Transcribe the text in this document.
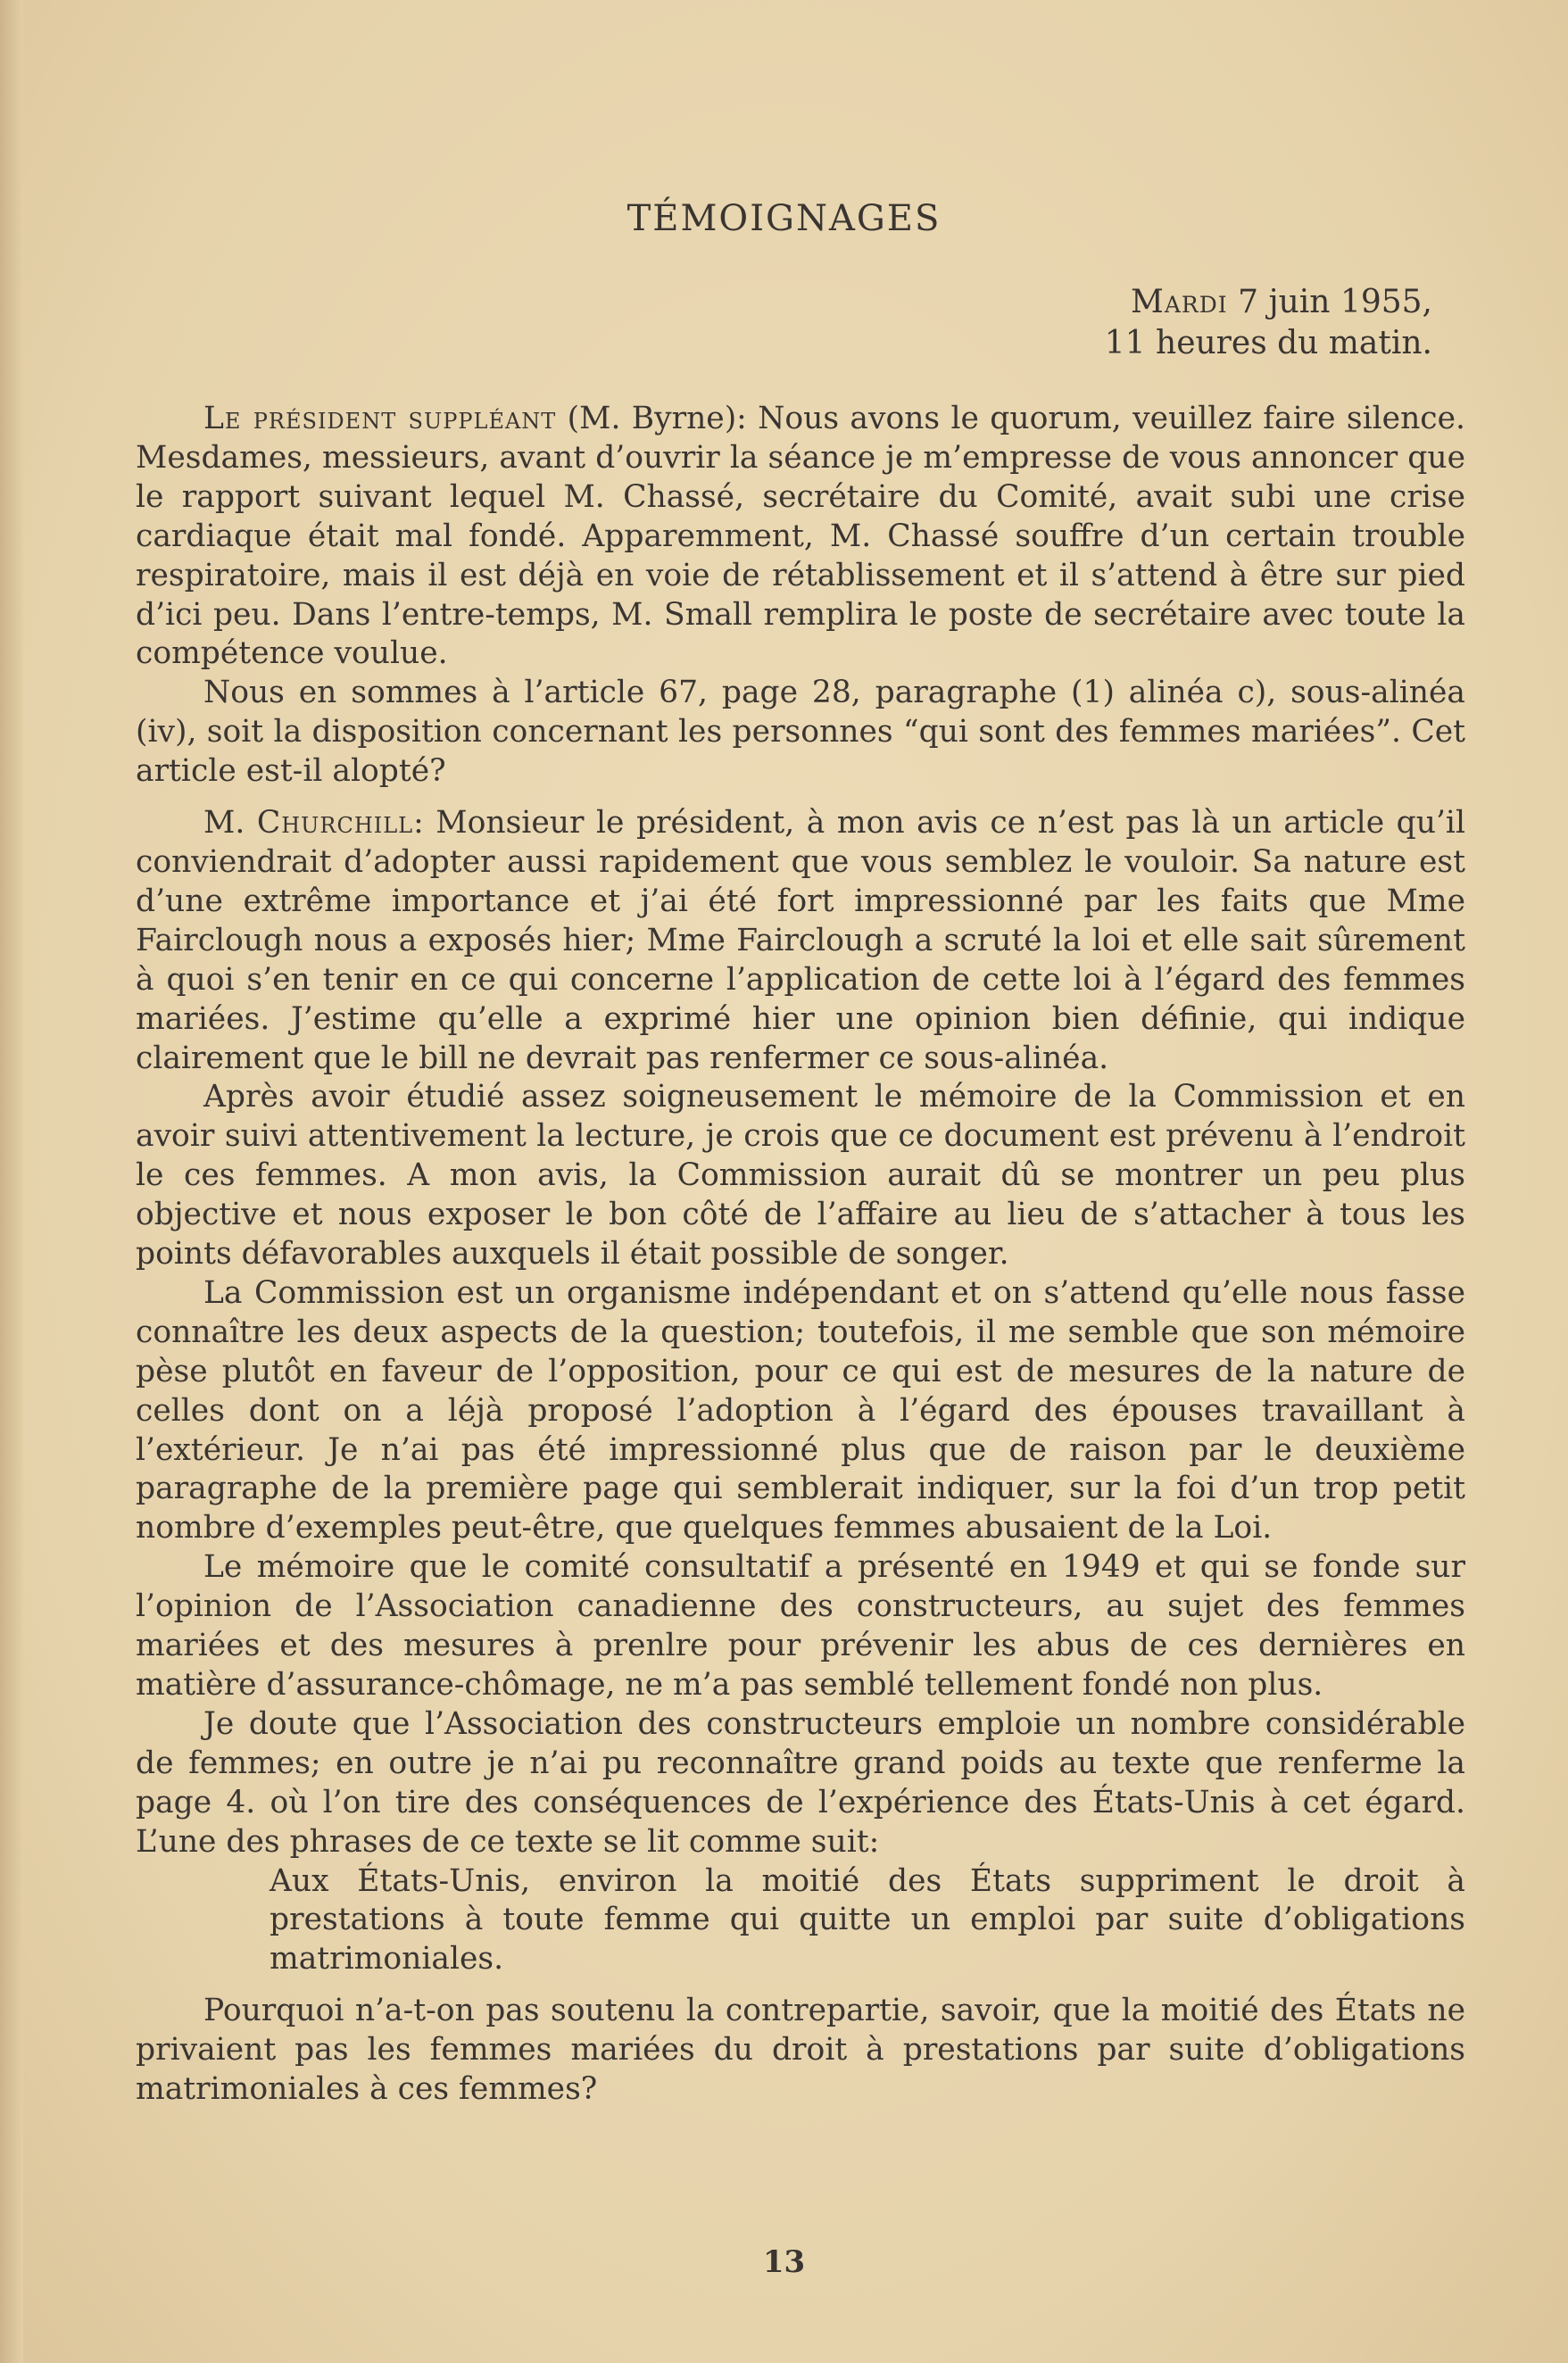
TÉMOIGNAGES
Mardi 7 juin 1955,
11 heures du matin.

Le président suppléant (M. Byrne): Nous avons le quorum, veuillez faire silence. Mesdames, messieurs, avant d’ouvrir la séance je m’empresse de vous annoncer que le rapport suivant lequel M. Chassé, secrétaire du Comité, avait subi une crise cardiaque était mal fondé. Apparemment, M. Chassé souffre d’un certain trouble respiratoire, mais il est déjà en voie de rétablissement et il s’attend à être sur pied d’ici peu. Dans l’entre-temps, M. Small remplira le poste de secrétaire avec toute la compétence voulue.

Nous en sommes à l’article 67, page 28, paragraphe (1) alinéa c), sous-alinéa (iv), soit la disposition concernant les personnes “qui sont des femmes mariées”. Cet article est-il alopté?

M. Churchill: Monsieur le président, à mon avis ce n’est pas là un article qu’il conviendrait d’adopter aussi rapidement que vous semblez le vouloir. Sa nature est d’une extrême importance et j’ai été fort impressionné par les faits que Mme Fairclough nous a exposés hier; Mme Fairclough a scruté la loi et elle sait sûrement à quoi s’en tenir en ce qui concerne l’application de cette loi à l’égard des femmes mariées. J’estime qu’elle a exprimé hier une opinion bien définie, qui indique clairement que le bill ne devrait pas renfermer ce sous-alinéa.

Après avoir étudié assez soigneusement le mémoire de la Commission et en avoir suivi attentivement la lecture, je crois que ce document est prévenu à l’endroit le ces femmes. A mon avis, la Commission aurait dû se montrer un peu plus objective et nous exposer le bon côté de l’affaire au lieu de s’attacher à tous les points défavorables auxquels il était possible de songer.

La Commission est un organisme indépendant et on s’attend qu’elle nous fasse connaître les deux aspects de la question; toutefois, il me semble que son mémoire pèse plutôt en faveur de l’opposition, pour ce qui est de mesures de la nature de celles dont on a léjà proposé l’adoption à l’égard des épouses travaillant à l’extérieur. Je n’ai pas été impressionné plus que de raison par le deuxième paragraphe de la première page qui semblerait indiquer, sur la foi d’un trop petit nombre d’exemples peut-être, que quelques femmes abusaient de la Loi.

Le mémoire que le comité consultatif a présenté en 1949 et qui se fonde sur l’opinion de l’Association canadienne des constructeurs, au sujet des femmes mariées et des mesures à prenlre pour prévenir les abus de ces dernières en matière d’assurance-chômage, ne m’a pas semblé tellement fondé non plus.

Je doute que l’Association des constructeurs emploie un nombre considérable de femmes; en outre je n’ai pu reconnaître grand poids au texte que renferme la page 4. où l’on tire des conséquences de l’expérience des États-Unis à cet égard. L’une des phrases de ce texte se lit comme suit:

Aux États-Unis, environ la moitié des États suppriment le droit à prestations à toute femme qui quitte un emploi par suite d’obligations matrimoniales.

Pourquoi n’a-t-on pas soutenu la contrepartie, savoir, que la moitié des États ne privaient pas les femmes mariées du droit à prestations par suite d’obligations matrimoniales à ces femmes?

13
